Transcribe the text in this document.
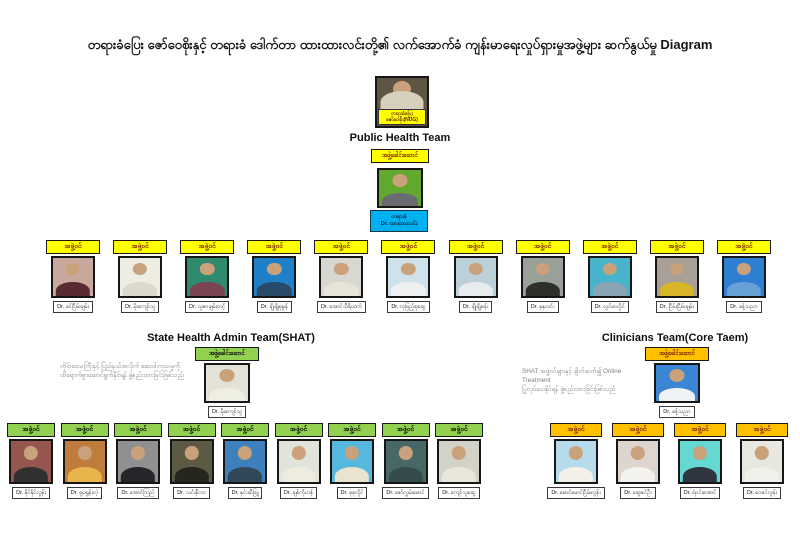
တရားခံပြေး ဇော်ဝေစိုးနှင့် တရားခံ ဒေါက်တာ ထားထားလင်းတို့၏ လက်အောက်ခံ ကျန်းမာရေးလှုပ်ရှားမှုအဖွဲ့များ ဆက်နွယ်မှု Diagram
တရားခံပြေး
ဇော်ဝေစိုး(NUG)
Public Health Team
အဖွဲ့ခေါင်းဆောင်
တရားခံ
Dr. ထားထားလင်း
အဖွဲ့ဝင်
Dr. ခင်ငြိမ်းချမ်း
အဖွဲ့ဝင်
Dr. မိုးကျော်သူ
အဖွဲ့ဝင်
Dr. သူဇာချမ်းတင့်
အဖွဲ့ဝင်
Dr. ချိုချိုစုမွန်
အဖွဲ့ဝင်
Dr. အောင်သီရိထက်
အဖွဲ့ဝင်
Dr. လှဖြည့်စုဆွေ
အဖွဲ့ဝင်
Dr. ချိုချိုစန်း
အဖွဲ့ဝင်
Dr. နုနုလင်း
အဖွဲ့ဝင်
Dr. လွင်မာလှိုင်
အဖွဲ့ဝင်
Dr. ငြိမ်းငြိမ်းချမ်း
အဖွဲ့ဝင်
Dr. ခန့်သညာ
State Health Admin Team(SHAT)
တိုင်းဒေသကြီးနှင့် ပြည်နယ်အလိုက် ဆေးဝါးကုသမှုကို
ထိရောက်စွာဆောင်ရွက်နိုင်ရန် ဖွဲ့စည်းထားခြင်းဖြစ်သည်
အဖွဲ့ခေါင်းဆောင်
Dr. မိုးကျော်သူ
အဖွဲ့ဝင်
Dr. နိုင်နိုင်လွန်း
အဖွဲ့ဝင်
Dr. ရူပရွန်းလဲ့
အဖွဲ့ဝင်
Dr. အောင်ကြည်
အဖွဲ့ဝင်
Dr. သင်းနီလာ
အဖွဲ့ဝင်
Dr. နှင်းဆီဖြူ
အဖွဲ့ဝင်
Dr. ချစ်ကိုဟန်
အဖွဲ့ဝင်
Dr. စုစုလှိုင်
အဖွဲ့ဝင်
Dr. ဇော်လွှမ်းမောင်
အဖွဲ့ဝင်
Dr. ကျော်သူဆွေ
Clinicians Team(Core Taem)
SHAT အဖွဲ့ဝင်များနှင့် ချိတ်ဆက်၍ Online Treatment
ပြုလုပ်ပေးနိုင်ရန် ဖွဲ့စည်းထားခြင်းဖြစ်သည်
အဖွဲ့ခေါင်းဆောင်
Dr. ခန့်သညာ
အဖွဲ့ဝင်
Dr. မောင်မောင်ငြိမ်းလွန်း
အဖွဲ့ဝင်
Dr. ဆွေဇင်ဦး
အဖွဲ့ဝင်
Dr. ရဲဝင်းအောင်
အဖွဲ့ဝင်
Dr. ဝေဇင်လွန်း
